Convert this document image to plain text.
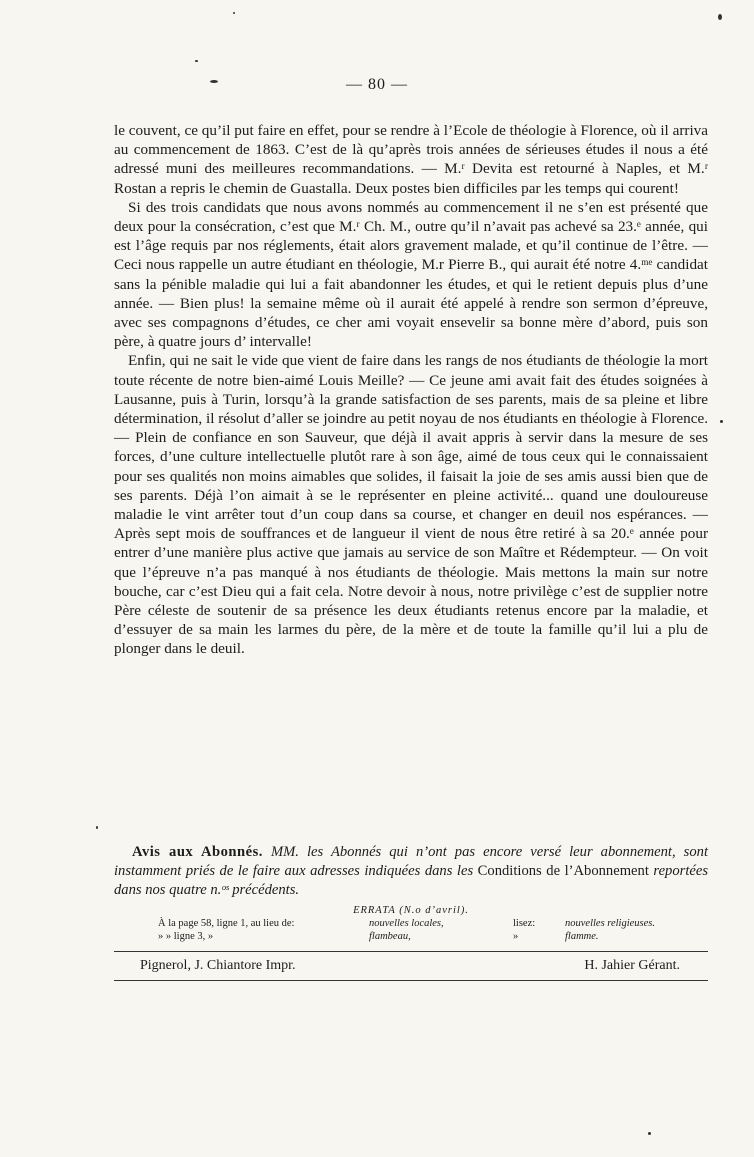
— 80 —

le couvent, ce qu’il put faire en effet, pour se rendre à l’Ecole de théologie à Florence, où il arriva au commencement de 1863. C’est de là qu’après trois années de sérieuses études il nous a été adressé muni des meilleures recommandations. — M.ʳ Devita est retourné à Naples, et M.ʳ Rostan a repris le chemin de Guastalla. Deux postes bien difficiles par les temps qui courent!

Si des trois candidats que nous avons nommés au commencement il ne s’en est présenté que deux pour la consécration, c’est que M.ʳ Ch. M., outre qu’il n’avait pas achevé sa 23.ᵉ année, qui est l’âge requis par nos réglements, était alors gravement malade, et qu’il continue de l’être. — Ceci nous rappelle un autre étudiant en théologie, M.r Pierre B., qui aurait été notre 4.ᵐᵉ candidat sans la pénible maladie qui lui a fait abandonner les études, et qui le retient depuis plus d’une année. — Bien plus! la semaine même où il aurait été appelé à rendre son sermon d’épreuve, avec ses compagnons d’études, ce cher ami voyait ensevelir sa bonne mère d’abord, puis son père, à quatre jours d’ intervalle!

Enfin, qui ne sait le vide que vient de faire dans les rangs de nos étudiants de théologie la mort toute récente de notre bien-aimé Louis Meille? — Ce jeune ami avait fait des études soignées à Lausanne, puis à Turin, lorsqu’à la grande satisfaction de ses parents, mais de sa pleine et libre détermination, il résolut d’aller se joindre au petit noyau de nos étudiants en théologie à Florence. — Plein de confiance en son Sauveur, que déjà il avait appris à servir dans la mesure de ses forces, d’une culture intellectuelle plutôt rare à son âge, aimé de tous ceux qui le connaissaient pour ses qualités non moins aimables que solides, il faisait la joie de ses amis aussi bien que de ses parents. Déjà l’on aimait à se le représenter en pleine activité... quand une douloureuse maladie le vint arrêter tout d’un coup dans sa course, et changer en deuil nos espérances. — Après sept mois de souffrances et de langueur il vient de nous être retiré à sa 20.ᵉ année pour entrer d’une manière plus active que jamais au service de son Maître et Rédempteur. — On voit que l’épreuve n’a pas manqué à nos étudiants de théologie. Mais mettons la main sur notre bouche, car c’est Dieu qui a fait cela. Notre devoir à nous, notre privilège c’est de supplier notre Père céleste de soutenir de sa présence les deux étudiants retenus encore par la maladie, et d’essuyer de sa main les larmes du père, de la mère et de toute la famille qu’il lui a plu de plonger dans le deuil.

Avis aux Abonnés. MM. les Abonnés qui n’ont pas encore versé leur abonnement, sont instamment priés de le faire aux adresses indiquées dans les Conditions de l’Abonnement reportées dans nos quatre n.ᵒˢ précédents.
ERRATA (N.o d’avril).
À la page 58, ligne 1, au lieu de:	nouvelles locales,	lisez:	nouvelles religieuses.
» » ligne 3, »	flambeau,	»	flamme.
Pignerol, J. Chiantore Impr.	H. Jahier Gérant.
